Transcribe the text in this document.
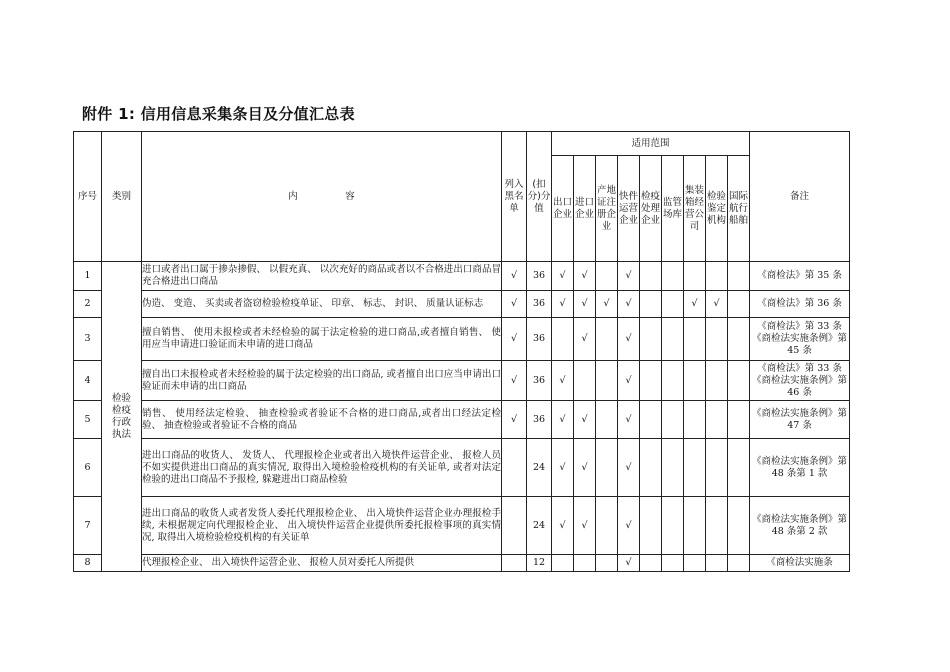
附件 1: 信用信息采集条目及分值汇总表
序号	类别	内　　　　　容	列入黑名单	(扣分)分值	适用范围									备注
					出口企业	进口企业	产地证注册企业	快件运营企业	检疫处理企业	监管场库	集装箱经营公司	检验鉴定机构	国际航行船舶	
1	检验检疫行政执法	进口或者出口属于掺杂掺假、 以假充真、 以次充好的商品或者以不合格进出口商品冒充合格进出口商品	√	36	√	√		√						《商检法》第 35 条
2		伪造、 变造、 买卖或者盗窃检验检疫单证、 印章、 标志、 封识、 质量认证标志	√	36	√	√	√	√			√	√		《商检法》第 36 条
3		擅自销售、 使用未报检或者未经检验的属于法定检验的进口商品,或者擅自销售、 使用应当申请进口验证而未申请的进口商品	√	36		√		√						《商检法》第 33 条《商检法实施条例》第 45 条
4		擅自出口未报检或者未经检验的属于法定检验的出口商品, 或者擅自出口应当申请出口验证而未申请的出口商品	√	36	√			√						《商检法》第 33 条《商检法实施条例》第 46 条
5		销售、 使用经法定检验、 抽查检验或者验证不合格的进口商品,或者出口经法定检验、 抽查检验或者验证不合格的商品	√	36	√	√		√						《商检法实施条例》第 47 条
6		进出口商品的收货人、 发货人、 代理报检企业或者出入境快件运营企业、 报检人员不如实提供进出口商品的真实情况, 取得出入境检验检疫机构的有关证单, 或者对法定检验的进出口商品不予报检, 躲避进出口商品检验		24	√	√		√						《商检法实施条例》第 48 条第 1 款
7		进出口商品的收货人或者发货人委托代理报检企业、 出入境快件运营企业办理报检手续, 未根据规定向代理报检企业、 出入境快件运营企业提供所委托报检事项的真实情况, 取得出入境检验检疫机构的有关证单		24	√	√		√						《商检法实施条例》第 48 条第 2 款
8		代理报检企业、 出入境快件运营企业、 报检人员对委托人所提供		12				√						《商检法实施条
